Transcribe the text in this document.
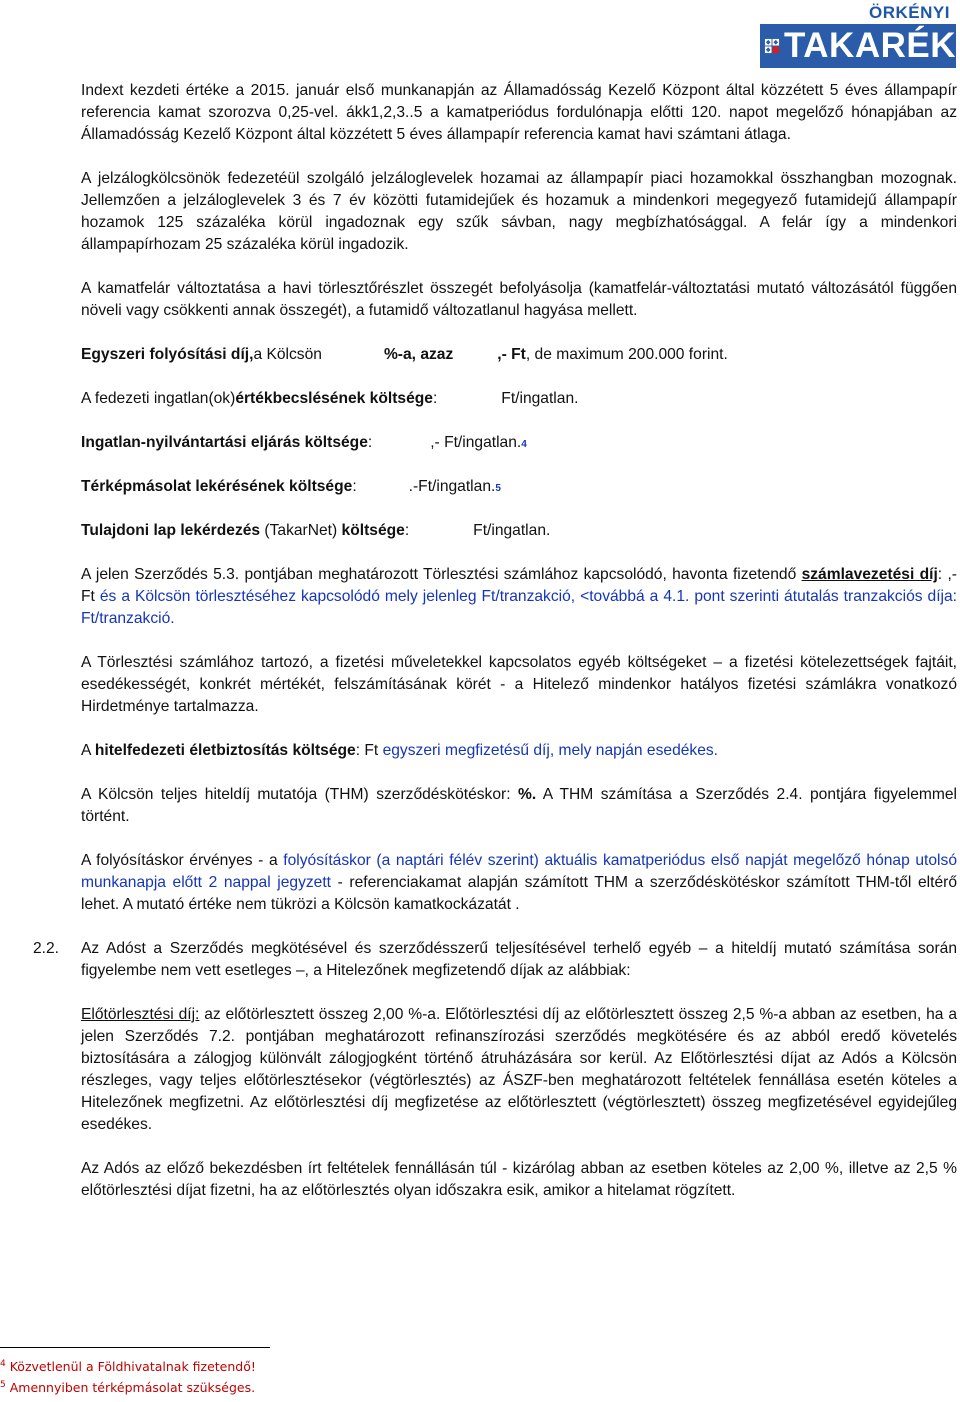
ÖRKÉNYI
TAKARÉK

Indext kezdeti értéke a 2015. január első munkanapján az Államadósság Kezelő Központ által közzétett 5 éves állampapír referencia kamat szorozva 0,25-vel. ákk1,2,3..5 a kamatperiódus fordulónapja előtti 120. napot megelőző hónapjában az Államadósság Kezelő Központ által közzétett 5 éves állampapír referencia kamat havi számtani átlaga.

A jelzálogkölcsönök fedezetéül szolgáló jelzáloglevelek hozamai az állampapír piaci hozamokkal összhangban mozognak. Jellemzően a jelzáloglevelek 3 és 7 év közötti futamidejűek és hozamuk a mindenkori megegyező futamidejű állampapír hozamok 125 százaléka körül ingadoznak egy szűk sávban, nagy megbízhatósággal. A felár így a mindenkori állampapírhozam 25 százaléka körül ingadozik.

A kamatfelár változtatása a havi törlesztőrészlet összegét befolyásolja (kamatfelár-változtatási mutató változásától függően növeli vagy csökkenti annak összegét), a futamidő változatlanul hagyása mellett.

Egyszeri folyósítási díj, a Kölcsön	%-a, azaz	,- Ft , de maximum 200.000 forint.
A fedezeti ingatlan(ok) értékbecslésének költsége :	Ft/ingatlan.
Ingatlan-nyilvántartási eljárás költsége :	,- Ft/ingatlan. 4
Térképmásolat lekérésének költsége :	.-Ft/ingatlan. 5
Tulajdoni lap lekérdezés (TakarNet) költsége :	Ft/ingatlan.

A jelen Szerződés 5.3. pontjában meghatározott Törlesztési számlához kapcsolódó, havonta fizetendő számlavezetési díj: ,- Ft és a Kölcsön törlesztéséhez kapcsolódó mely jelenleg Ft/tranzakció, <továbbá a 4.1. pont szerinti átutalás tranzakciós díja: Ft/tranzakció.

A Törlesztési számlához tartozó, a fizetési műveletekkel kapcsolatos egyéb költségeket – a fizetési kötelezettségek fajtáit, esedékességét, konkrét mértékét, felszámításának körét - a Hitelező mindenkor hatályos fizetési számlákra vonatkozó Hirdetménye tartalmazza.

A hitelfedezeti életbiztosítás költsége: Ft egyszeri megfizetésű díj, mely napján esedékes.

A Kölcsön teljes hiteldíj mutatója (THM) szerződéskötéskor: %. A THM számítása a Szerződés 2.4. pontjára figyelemmel történt.

A folyósításkor érvényes - a folyósításkor (a naptári félév szerint) aktuális kamatperiódus első napját megelőző hónap utolsó munkanapja előtt 2 nappal jegyzett - referenciakamat alapján számított THM a szerződéskötéskor számított THM-től eltérő lehet. A mutató értéke nem tükrözi a Kölcsön kamatkockázatát .

2.2. Az Adóst a Szerződés megkötésével és szerződésszerű teljesítésével terhelő egyéb – a hiteldíj mutató számítása során figyelembe nem vett esetleges –, a Hitelezőnek megfizetendő díjak az alábbiak:

Előtörlesztési díj: az előtörlesztett összeg 2,00 %-a. Előtörlesztési díj az előtörlesztett összeg 2,5 %-a abban az esetben, ha a jelen Szerződés 7.2. pontjában meghatározott refinanszírozási szerződés megkötésére és az abból eredő követelés biztosítására a zálogjog különvált zálogjogként történő átruházására sor kerül. Az Előtörlesztési díjat az Adós a Kölcsön részleges, vagy teljes előtörlesztésekor (végtörlesztés) az ÁSZF-ben meghatározott feltételek fennállása esetén köteles a Hitelezőnek megfizetni. Az előtörlesztési díj megfizetése az előtörlesztett (végtörlesztett) összeg megfizetésével egyidejűleg esedékes.

Az Adós az előző bekezdésben írt feltételek fennállásán túl - kizárólag abban az esetben köteles az 2,00 %, illetve az 2,5 % előtörlesztési díjat fizetni, ha az előtörlesztés olyan időszakra esik, amikor a hitelamat rögzített.

$^4$ Közvetlenül a Földhivatalnak fizetendő!
$^5$ Amennyiben térképmásolat szükséges.
